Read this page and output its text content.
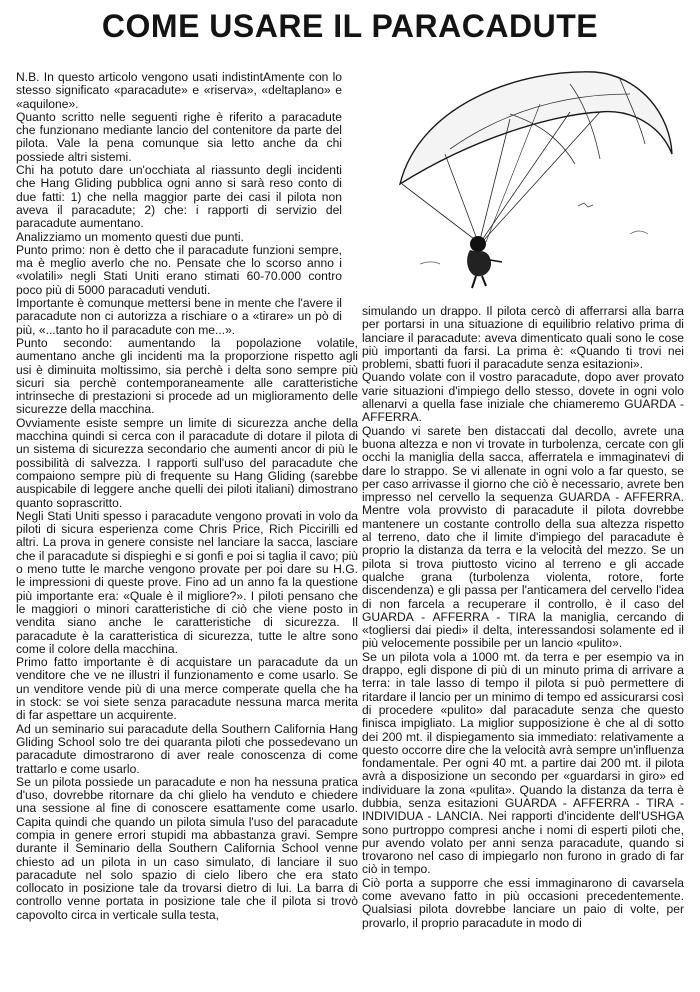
COME USARE IL PARACADUTE

N.B. In questo articolo vengono usati indistintAmente con lo stesso significato «paracadute» e «riserva», «deltaplano» e «aquilone».

Quanto scritto nelle seguenti righe è riferito a paracadute che funzionano mediante lancio del contenitore da parte del pilota. Vale la pena comunque sia letto anche da chi possiede altri sistemi.

Chi ha potuto dare un'occhiata al riassunto degli incidenti che Hang Gliding pubblica ogni anno si sarà reso conto di due fatti: 1) che nella maggior parte dei casi il pilota non aveva il paracadute; 2) che: i rapporti di servizio del paracadute aumentano.

Analizziamo un momento questi due punti.

Punto primo: non è detto che il paracadute funzioni sempre, ma è meglio averlo che no. Pensate che lo scorso anno i «volatili» negli Stati Uniti erano stimati 60-70.000 contro poco più di 5000 paracaduti venduti.

Importante è comunque mettersi bene in mente che l'avere il paracadute non ci autorizza a rischiare o a «tirare» un pò di più, «...tanto ho il paracadute con me...».

Punto secondo: aumentando la popolazione volatile, aumentano anche gli incidenti ma la proporzione rispetto agli usi è diminuita moltissimo, sia perchè i delta sono sempre più sicuri sia perchè contemporaneamente alle caratteristiche intrinseche di prestazioni si procede ad un miglioramento delle sicurezze della macchina.

Ovviamente esiste sempre un limite di sicurezza anche della macchina quindi si cerca con il paracadute di dotare il pilota di un sistema di sicurezza secondario che aumenti ancor di più le possibilità di salvezza. I rapporti sull'uso del paracadute che compaiono sempre più di frequente su Hang Gliding (sarebbe auspicabile di leggere anche quelli dei piloti italiani) dimostrano quanto soprascritto.

Negli Stati Uniti spesso i paracadute vengono provati in volo da piloti di sicura esperienza come Chris Price, Rich Piccirilli ed altri. La prova in genere consiste nel lanciare la sacca, lasciare che il paracadute si dispieghi e si gonfi e poi si taglia il cavo; più o meno tutte le marche vengono provate per poi dare su H.G. le impressioni di queste prove. Fino ad un anno fa la questione più importante era: «Quale è il migliore?». I piloti pensano che le maggiori o minori caratteristiche di ciò che viene posto in vendita siano anche le caratteristiche di sicurezza. Il paracadute è la caratteristica di sicurezza, tutte le altre sono come il colore della macchina.

Primo fatto importante è di acquistare un paracadute da un venditore che ve ne illustri il funzionamento e come usarlo. Se un venditore vende più di una merce comperate quella che ha in stock: se voi siete senza paracadute nessuna marca merita di far aspettare un acquirente.

Ad un seminario sui paracadute della Southern California Hang Gliding School solo tre dei quaranta piloti che possedevano un paracadute dimostrarono di aver reale conoscenza di come trattarlo e come usarlo.

Se un pilota possiede un paracadute e non ha nessuna pratica d'uso, dovrebbe ritornare da chi glielo ha venduto e chiedere una sessione al fine di conoscere esattamente come usarlo. Capita quindi che quando un pilota simula l'uso del paracadute compia in genere errori stupidi ma abbastanza gravi. Sempre durante il Seminario della Southern California School venne chiesto ad un pilota in un caso simulato, di lanciare il suo paracadute nel solo spazio di cielo libero che era stato collocato in posizione tale da trovarsi dietro di lui. La barra di controllo venne portata in posizione tale che il pilota si trovò capovolto circa in verticale sulla testa,

simulando un drappo. Il pilota cercò di afferrarsi alla barra per portarsi in una situazione di equilibrio relativo prima di lanciare il paracadute: aveva dimenticato quali sono le cose più importanti da farsi. La prima è: «Quando ti trovi nei problemi, sbatti fuori il paracadute senza esitazioni».

Quando volate con il vostro paracadute, dopo aver provato varie situazioni d'impiego dello stesso, dovete in ogni volo allenarvi a quella fase iniziale che chiameremo GUARDA - AFFERRA.

Quando vi sarete ben distaccati dal decollo, avrete una buona altezza e non vi trovate in turbolenza, cercate con gli occhi la maniglia della sacca, afferratela e immaginatevi di dare lo strappo. Se vi allenate in ogni volo a far questo, se per caso arrivasse il giorno che ciò è necessario, avrete ben impresso nel cervello la sequenza GUARDA - AFFERRA. Mentre vola provvisto di paracadute il pilota dovrebbe mantenere un costante controllo della sua altezza rispetto al terreno, dato che il limite d'impiego del paracadute è proprio la distanza da terra e la velocità del mezzo. Se un pilota si trova piuttosto vicino al terreno e gli accade qualche grana (turbolenza violenta, rotore, forte discendenza) e gli passa per l'anticamera del cervello l'idea di non farcela a recuperare il controllo, è il caso del GUARDA - AFFERRA - TIRA la maniglia, cercando di «togliersi dai piedi» il delta, interessandosi solamente ed il più velocemente possibile per un lancio «pulito».

Se un pilota vola a 1000 mt. da terra e per esempio va in drappo, egli dispone di più di un minuto prima di arrivare a terra: in tale lasso di tempo il pilota si può permettere di ritardare il lancio per un minimo di tempo ed assicurarsi così di procedere «pulito» dal paracadute senza che questo finisca impigliato. La miglior supposizione è che al di sotto dei 200 mt. il dispiegamento sia immediato: relativamente a questo occorre dire che la velocità avrà sempre un'influenza fondamentale. Per ogni 40 mt. a partire dai 200 mt. il pilota avrà a disposizione un secondo per «guardarsi in giro» ed individuare la zona «pulita». Quando la distanza da terra è dubbia, senza esitazioni GUARDA - AFFERRA - TIRA - INDIVIDUA - LANCIA. Nei rapporti d'incidente dell'USHGA sono purtroppo compresi anche i nomi di esperti piloti che, pur avendo volato per anni senza paracadute, quando si trovarono nel caso di impiegarlo non furono in grado di far ciò in tempo.

Ciò porta a supporre che essi immaginarono di cavarsela come avevano fatto in più occasioni precedentemente. Qualsiasi pilota dovrebbe lanciare un paio di volte, per provarlo, il proprio paracadute in modo di
